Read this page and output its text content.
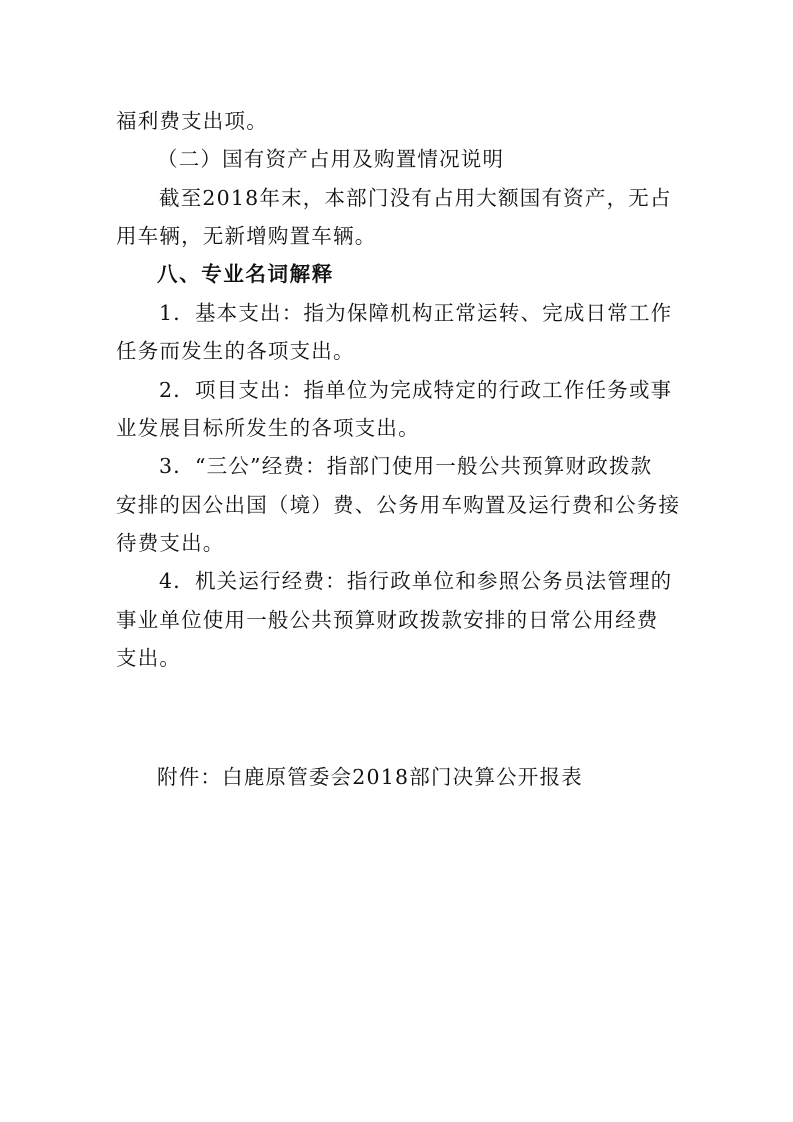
福利费支出项。

（二）国有资产占用及购置情况说明

截至2018年末，本部门没有占用大额国有资产，无占

用车辆，无新增购置车辆。

八、专业名词解释

1．基本支出：指为保障机构正常运转、完成日常工作

任务而发生的各项支出。

2．项目支出：指单位为完成特定的行政工作任务或事

业发展目标所发生的各项支出。

3．“三公”经费：指部门使用一般公共预算财政拨款

安排的因公出国（境）费、公务用车购置及运行费和公务接

待费支出。

4．机关运行经费：指行政单位和参照公务员法管理的

事业单位使用一般公共预算财政拨款安排的日常公用经费

支出。

附件：白鹿原管委会2018部门决算公开报表
